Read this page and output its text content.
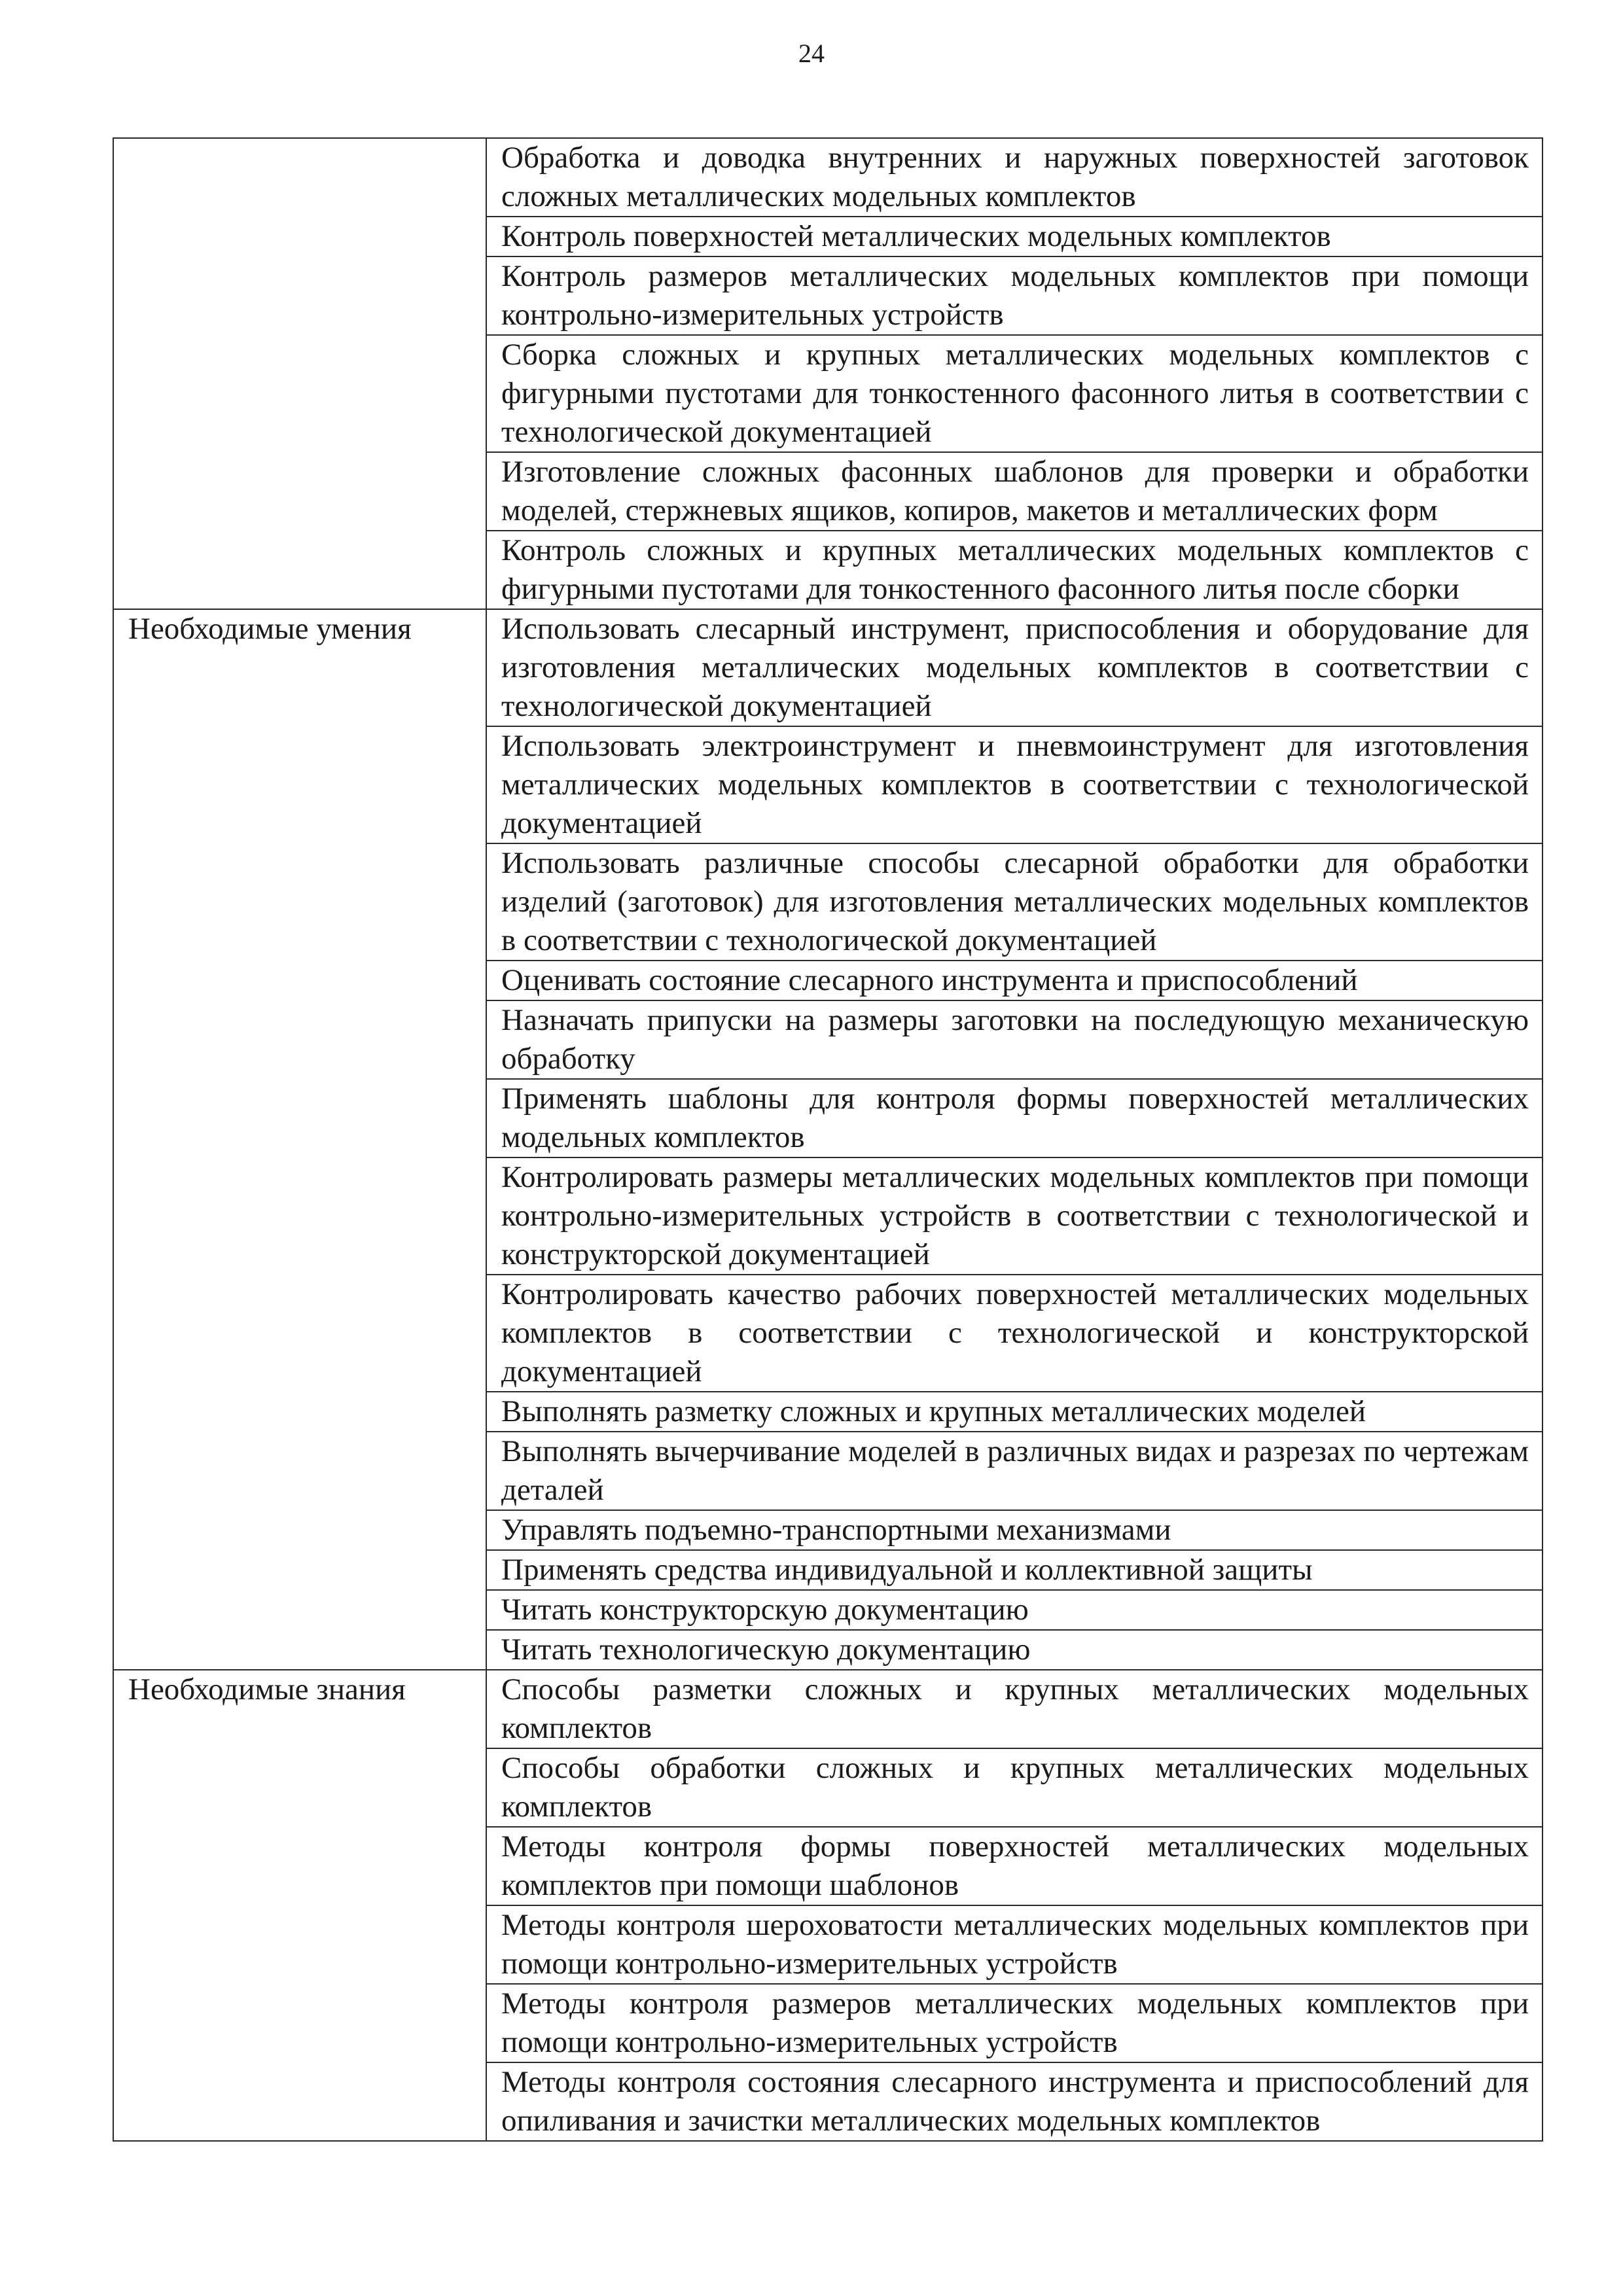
24
	Обработка и доводка внутренних и наружных поверхностей заготовок сложных металлических модельных комплектов
	Контроль поверхностей металлических модельных комплектов
	Контроль размеров металлических модельных комплектов при помощи контрольно-измерительных устройств
	Сборка сложных и крупных металлических модельных комплектов с фигурными пустотами для тонкостенного фасонного литья в соответствии с технологической документацией
	Изготовление сложных фасонных шаблонов для проверки и обработки моделей, стержневых ящиков, копиров, макетов и металлических форм
	Контроль сложных и крупных металлических модельных комплектов с фигурными пустотами для тонкостенного фасонного литья после сборки
Необходимые умения	Использовать слесарный инструмент, приспособления и оборудование для изготовления металлических модельных комплектов в соответствии с технологической документацией
	Использовать электроинструмент и пневмоинструмент для изготовления металлических модельных комплектов в соответствии с технологической документацией
	Использовать различные способы слесарной обработки для обработки изделий (заготовок) для изготовления металлических модельных комплектов в соответствии с технологической документацией
	Оценивать состояние слесарного инструмента и приспособлений
	Назначать припуски на размеры заготовки на последующую механическую обработку
	Применять шаблоны для контроля формы поверхностей металлических модельных комплектов
	Контролировать размеры металлических модельных комплектов при помощи контрольно-измерительных устройств в соответствии с технологической и конструкторской документацией
	Контролировать качество рабочих поверхностей металлических модельных комплектов в соответствии с технологической и конструкторской документацией
	Выполнять разметку сложных и крупных металлических моделей
	Выполнять вычерчивание моделей в различных видах и разрезах по чертежам деталей
	Управлять подъемно-транспортными механизмами
	Применять средства индивидуальной и коллективной защиты
	Читать конструкторскую документацию
	Читать технологическую документацию
Необходимые знания	Способы разметки сложных и крупных металлических модельных комплектов
	Способы обработки сложных и крупных металлических модельных комплектов
	Методы контроля формы поверхностей металлических модельных комплектов при помощи шаблонов
	Методы контроля шероховатости металлических модельных комплектов при помощи контрольно-измерительных устройств
	Методы контроля размеров металлических модельных комплектов при помощи контрольно-измерительных устройств
	Методы контроля состояния слесарного инструмента и приспособлений для опиливания и зачистки металлических модельных комплектов
